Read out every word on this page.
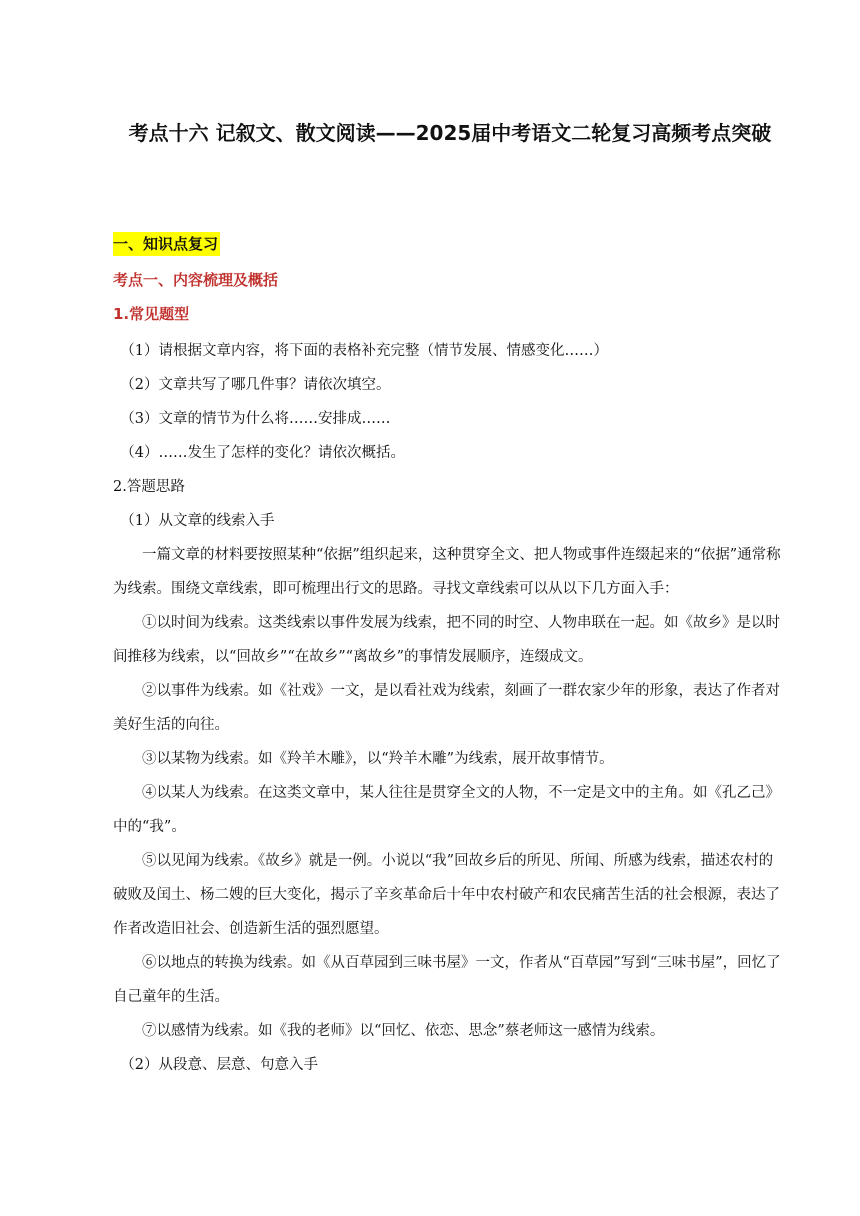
考点十六 记叙文、散文阅读——2025届中考语文二轮复习高频考点突破
一、知识点复习
考点一、内容梳理及概括
1.常见题型

（1）请根据文章内容，将下面的表格补充完整（情节发展、情感变化……）

（2）文章共写了哪几件事？请依次填空。

（3）文章的情节为什么将……安排成……

（4）……发生了怎样的变化？请依次概括。

2.答题思路

（1）从文章的线索入手

一篇文章的材料要按照某种“依据”组织起来，这种贯穿全文、把人物或事件连缀起来的“依据”通常称为线索。围绕文章线索，即可梳理出行文的思路。寻找文章线索可以从以下几方面入手：

①以时间为线索。这类线索以事件发展为线索，把不同的时空、人物串联在一起。如《故乡》是以时间推移为线索，以“回故乡”“在故乡”“离故乡”的事情发展顺序，连缀成文。

②以事件为线索。如《社戏》一文，是以看社戏为线索，刻画了一群农家少年的形象，表达了作者对美好生活的向往。

③以某物为线索。如《羚羊木雕》，以“羚羊木雕”为线索，展开故事情节。

④以某人为线索。在这类文章中，某人往往是贯穿全文的人物，不一定是文中的主角。如《孔乙己》中的“我”。

⑤以见闻为线索。《故乡》就是一例。小说以“我”回故乡后的所见、所闻、所感为线索，描述农村的破败及闰土、杨二嫂的巨大变化，揭示了辛亥革命后十年中农村破产和农民痛苦生活的社会根源，表达了作者改造旧社会、创造新生活的强烈愿望。

⑥以地点的转换为线索。如《从百草园到三味书屋》一文，作者从“百草园”写到“三味书屋”，回忆了自己童年的生活。

⑦以感情为线索。如《我的老师》以“回忆、依恋、思念”蔡老师这一感情为线索。

（2）从段意、层意、句意入手
